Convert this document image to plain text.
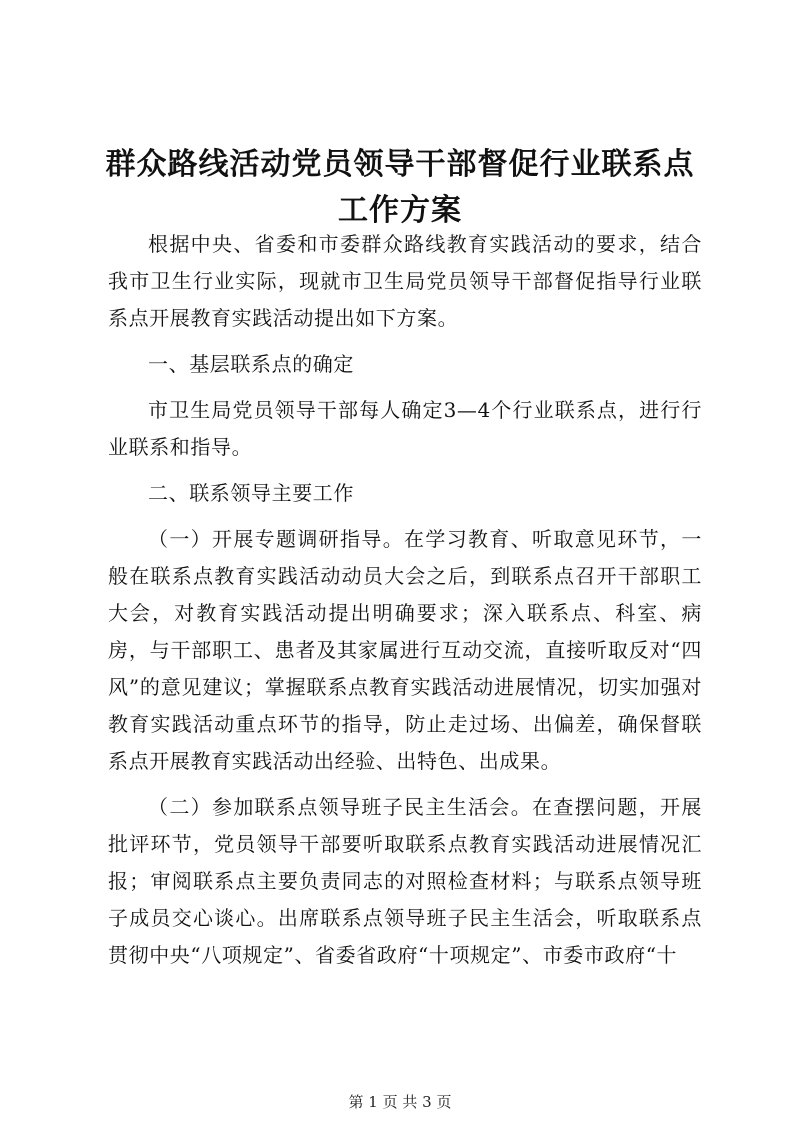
群众路线活动党员领导干部督促行业联系点工作方案

根据中央、省委和市委群众路线教育实践活动的要求，结合我市卫生行业实际，现就市卫生局党员领导干部督促指导行业联系点开展教育实践活动提出如下方案。

一、基层联系点的确定

市卫生局党员领导干部每人确定3—4个行业联系点，进行行业联系和指导。

二、联系领导主要工作

（一）开展专题调研指导。在学习教育、听取意见环节，一般在联系点教育实践活动动员大会之后，到联系点召开干部职工大会，对教育实践活动提出明确要求；深入联系点、科室、病房，与干部职工、患者及其家属进行互动交流，直接听取反对“四风”的意见建议；掌握联系点教育实践活动进展情况，切实加强对教育实践活动重点环节的指导，防止走过场、出偏差，确保督联系点开展教育实践活动出经验、出特色、出成果。

（二）参加联系点领导班子民主生活会。在查摆问题，开展批评环节，党员领导干部要听取联系点教育实践活动进展情况汇报；审阅联系点主要负责同志的对照检查材料；与联系点领导班子成员交心谈心。出席联系点领导班子民主生活会，听取联系点贯彻中央“八项规定”、省委省政府“十项规定”、市委市政府“十

第 1 页 共 3 页
